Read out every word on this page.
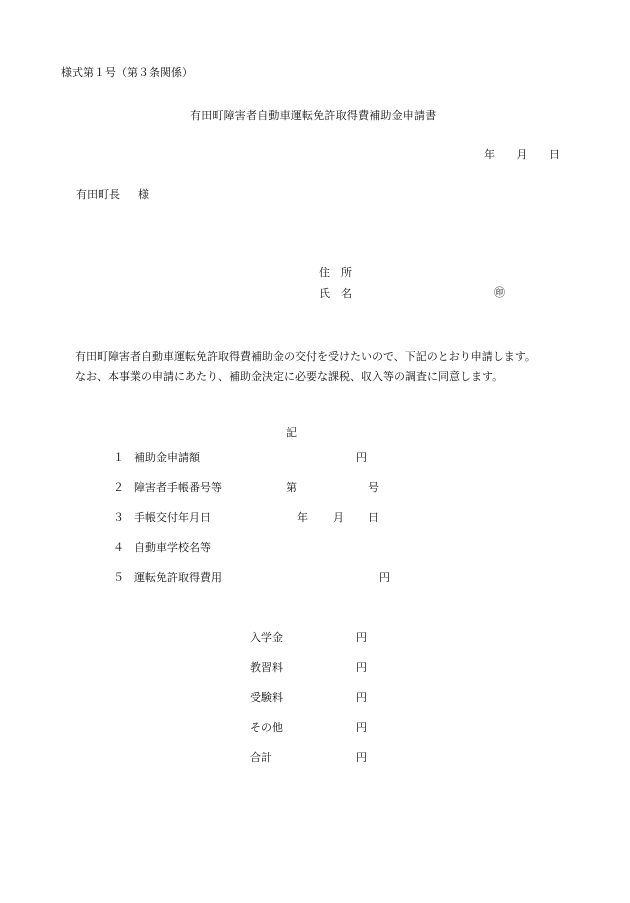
様式第１号（第３条関係）
有田町障害者自動車運転免許取得費補助金申請書
年 月 日
有田町長 様
住　所
氏　名	㊞
有田町障害者自動車運転免許取得費補助金の交付を受けたいので、下記のとおり申請します。
なお、本事業の申請にあたり、補助金決定に必要な課税、収入等の調査に同意します。
記
１ 補助金申請額	円
２ 障害者手帳番号等	第	号
３ 手帳交付年月日	年 月 日
４ 自動車学校名等
５ 運転免許取得費用	円
入学金	円
教習料	円
受験料	円
その他	円
合計	円
